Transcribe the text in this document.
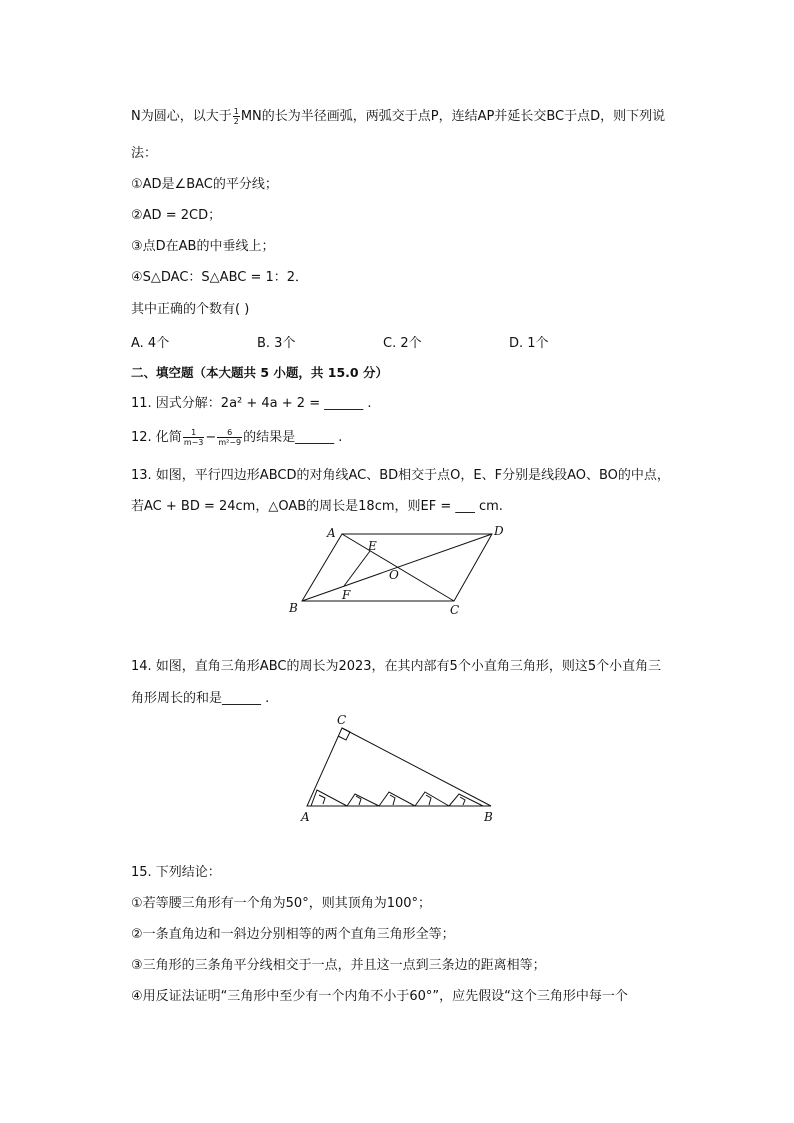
N为圆心，以大于 $\frac{1}{2}$ MN的长为半径画弧，两弧交于点P，连结AP并延长交BC于点D，则下列说
法：
①AD是∠BAC的平分线；
②AD = 2CD；
③点D在AB的中垂线上；
④S△DAC：S△ABC = 1：2．
其中正确的个数有( )
A. 4个	B. 3个	C. 2个	D. 1个
二、填空题（本大题共 5 小题，共 15.0 分）
11. 因式分解：2a² + 4a + 2 = ______ .
12. 化简 $\frac{1}{m-3} - \frac{6}{\text{m²−9}}$ 的结果是______ .
13. 如图，平行四边形ABCD的对角线AC、BD相交于点O，E、F分别是线段AO、BO的中点，
若AC + BD = 24cm，△OAB的周长是18cm，则EF = ___ cm.
A	D
E
O
B
F
C
14. 如图，直角三角形ABC的周长为2023，在其内部有5个小直角三角形，则这5个小直角三
角形周长的和是______ .
C
A	B
15. 下列结论：
①若等腰三角形有一个角为50°，则其顶角为100°；
②一条直角边和一斜边分别相等的两个直角三角形全等；
③三角形的三条角平分线相交于一点，并且这一点到三条边的距离相等；
④用反证法证明“三角形中至少有一个内角不小于60°”，应先假设“这个三角形中每一个
